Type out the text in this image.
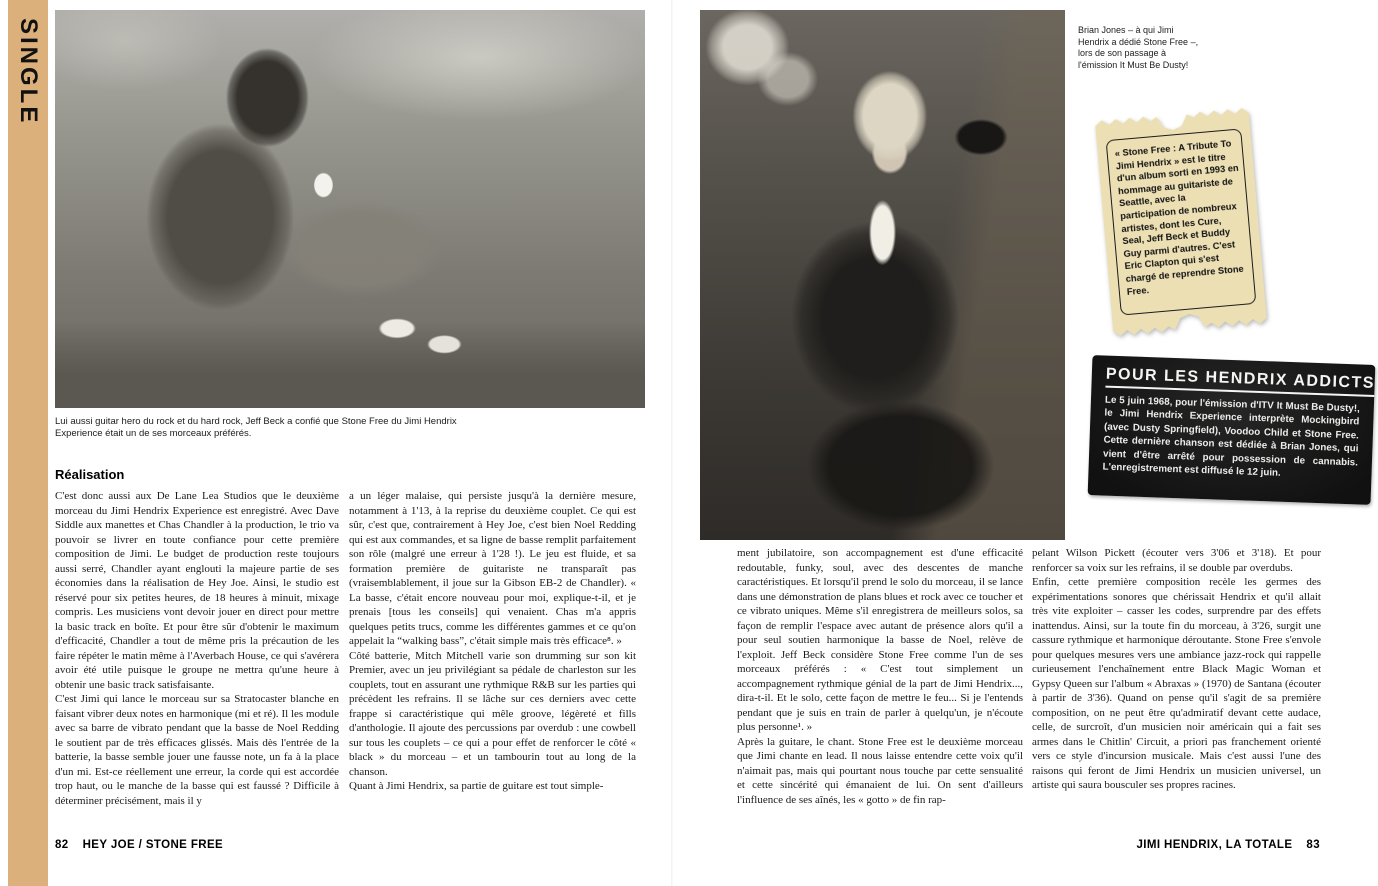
SINGLE

Lui aussi guitar hero du rock et du hard rock, Jeff Beck a confié que Stone Free du Jimi Hendrix Experience était un de ses morceaux préférés.

Réalisation

C'est donc aussi aux De Lane Lea Studios que le deuxième morceau du Jimi Hendrix Experience est enregistré. Avec Dave Siddle aux manettes et Chas Chandler à la production, le trio va pouvoir se livrer en toute confiance pour cette première composition de Jimi. Le budget de production reste toujours aussi serré, Chandler ayant englouti la majeure partie de ses économies dans la réalisation de Hey Joe. Ainsi, le studio est réservé pour six petites heures, de 18 heures à minuit, mixage compris. Les musiciens vont devoir jouer en direct pour mettre la basic track en boîte. Et pour être sûr d'obtenir le maximum d'efficacité, Chandler a tout de même pris la précaution de les faire répéter le matin même à l'Averbach House, ce qui s'avérera avoir été utile puisque le groupe ne mettra qu'une heure à obtenir une basic track satisfaisante.

C'est Jimi qui lance le morceau sur sa Stratocaster blanche en faisant vibrer deux notes en harmonique (mi et ré). Il les module avec sa barre de vibrato pendant que la basse de Noel Redding le soutient par de très efficaces glissés. Mais dès l'entrée de la batterie, la basse semble jouer une fausse note, un fa à la place d'un mi. Est-ce réellement une erreur, la corde qui est accordée trop haut, ou le manche de la basse qui est faussé ? Difficile à déterminer précisément, mais il y

a un léger malaise, qui persiste jusqu'à la dernière mesure, notamment à 1'13, à la reprise du deuxième couplet. Ce qui est sûr, c'est que, contrairement à Hey Joe, c'est bien Noel Redding qui est aux commandes, et sa ligne de basse remplit parfaitement son rôle (malgré une erreur à 1'28 !). Le jeu est fluide, et sa formation première de guitariste ne transparaît pas (vraisemblablement, il joue sur la Gibson EB-2 de Chandler). « La basse, c'était encore nouveau pour moi, explique-t-il, et je prenais [tous les conseils] qui venaient. Chas m'a appris quelques petits trucs, comme les différentes gammes et ce qu'on appelait la “walking bass”, c'était simple mais très efficace⁸. »

Côté batterie, Mitch Mitchell varie son drumming sur son kit Premier, avec un jeu privilégiant sa pédale de charleston sur les couplets, tout en assurant une rythmique R&B sur les parties qui précèdent les refrains. Il se lâche sur ces derniers avec cette frappe si caractéristique qui mêle groove, légèreté et fills d'anthologie. Il ajoute des percussions par overdub : une cowbell sur tous les couplets – ce qui a pour effet de renforcer le côté « black » du morceau – et un tambourin tout au long de la chanson.

Quant à Jimi Hendrix, sa partie de guitare est tout simple-

82 HEY JOE / STONE FREE

Brian Jones – à qui Jimi Hendrix a dédié Stone Free –, lors de son passage à l'émission It Must Be Dusty!

« Stone Free : A Tribute To Jimi Hendrix » est le titre d'un album sorti en 1993 en hommage au guitariste de Seattle, avec la participation de nombreux artistes, dont les Cure, Seal, Jeff Beck et Buddy Guy parmi d'autres. C'est Eric Clapton qui s'est chargé de reprendre Stone Free.

POUR LES HENDRIX ADDICTS

Le 5 juin 1968, pour l'émission d'ITV It Must Be Dusty!, le Jimi Hendrix Experience interprète Mockingbird (avec Dusty Springfield), Voodoo Child et Stone Free. Cette dernière chanson est dédiée à Brian Jones, qui vient d'être arrêté pour possession de cannabis. L'enregistrement est diffusé le 12 juin.

ment jubilatoire, son accompagnement est d'une efficacité redoutable, funky, soul, avec des descentes de manche caractéristiques. Et lorsqu'il prend le solo du morceau, il se lance dans une démonstration de plans blues et rock avec ce toucher et ce vibrato uniques. Même s'il enregistrera de meilleurs solos, sa façon de remplir l'espace avec autant de présence alors qu'il a pour seul soutien harmonique la basse de Noel, relève de l'exploit. Jeff Beck considère Stone Free comme l'un de ses morceaux préférés : « C'est tout simplement un accompagnement rythmique génial de la part de Jimi Hendrix..., dira-t-il. Et le solo, cette façon de mettre le feu... Si je l'entends pendant que je suis en train de parler à quelqu'un, je n'écoute plus personne¹. »

Après la guitare, le chant. Stone Free est le deuxième morceau que Jimi chante en lead. Il nous laisse entendre cette voix qu'il n'aimait pas, mais qui pourtant nous touche par cette sensualité et cette sincérité qui émanaient de lui. On sent d'ailleurs l'influence de ses aînés, les « gotto » de fin rap-

pelant Wilson Pickett (écouter vers 3'06 et 3'18). Et pour renforcer sa voix sur les refrains, il se double par overdubs.

Enfin, cette première composition recèle les germes des expérimentations sonores que chérissait Hendrix et qu'il allait très vite exploiter – casser les codes, surprendre par des effets inattendus. Ainsi, sur la toute fin du morceau, à 3'26, surgit une cassure rythmique et harmonique déroutante. Stone Free s'envole pour quelques mesures vers une ambiance jazz-rock qui rappelle curieusement l'enchaînement entre Black Magic Woman et Gypsy Queen sur l'album « Abraxas » (1970) de Santana (écouter à partir de 3'36). Quand on pense qu'il s'agit de sa première composition, on ne peut être qu'admiratif devant cette audace, celle, de surcroît, d'un musicien noir américain qui a fait ses armes dans le Chitlin' Circuit, a priori pas franchement orienté vers ce style d'incursion musicale. Mais c'est aussi l'une des raisons qui feront de Jimi Hendrix un musicien universel, un artiste qui saura bousculer ses propres racines.

JIMI HENDRIX, LA TOTALE 83
